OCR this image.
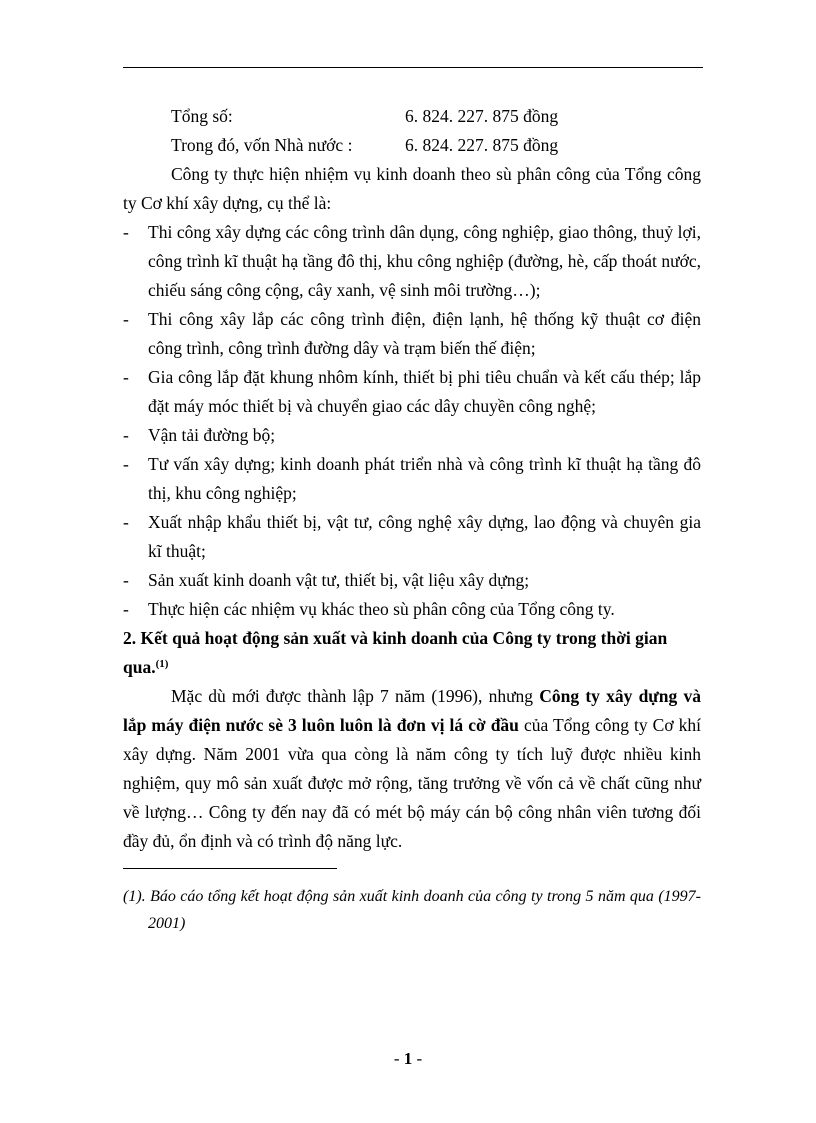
Tổng số:	6. 824. 227. 875 đồng
Trong đó, vốn Nhà nước :	6. 824. 227. 875 đồng

Công ty thực hiện nhiệm vụ kinh doanh theo sù phân công của Tổng công ty Cơ khí xây dựng, cụ thể là:

- Thi công xây dựng các công trình dân dụng, công nghiệp, giao thông, thuỷ lợi, công trình kĩ thuật hạ tầng đô thị, khu công nghiệp (đường, hè, cấp thoát nước, chiếu sáng công cộng, cây xanh, vệ sinh môi trường…);
- Thi công xây lắp các công trình điện, điện lạnh, hệ thống kỹ thuật cơ điện công trình, công trình đường dây và trạm biến thế điện;
- Gia công lắp đặt khung nhôm kính, thiết bị phi tiêu chuẩn và kết cấu thép; lắp đặt máy móc thiết bị và chuyển giao các dây chuyền công nghệ;
- Vận tải đường bộ;
- Tư vấn xây dựng; kinh doanh phát triển nhà và công trình kĩ thuật hạ tầng đô thị, khu công nghiệp;
- Xuất nhập khẩu thiết bị, vật tư, công nghệ xây dựng, lao động và chuyên gia kĩ thuật;
- Sản xuất kinh doanh vật tư, thiết bị, vật liệu xây dựng;
- Thực hiện các nhiệm vụ khác theo sù phân công của Tổng công ty.

2. Kết quả hoạt động sản xuất và kinh doanh của Công ty trong thời gian qua.$^{(1)}$

Mặc dù mới được thành lập 7 năm (1996), nhưng Công ty xây dựng và lắp máy điện nước sè 3 luôn luôn là đơn vị lá cờ đầu của Tổng công ty Cơ khí xây dựng. Năm 2001 vừa qua còng là năm công ty tích luỹ được nhiều kinh nghiệm, quy mô sản xuất được mở rộng, tăng trưởng về vốn cả về chất cũng như về lượng… Công ty đến nay đã có mét bộ máy cán bộ công nhân viên tương đối đầy đủ, ổn định và có trình độ năng lực.

(1). Báo cáo tổng kết hoạt động sản xuất kinh doanh của công ty trong 5 năm qua (1997-2001)
- 1 -
